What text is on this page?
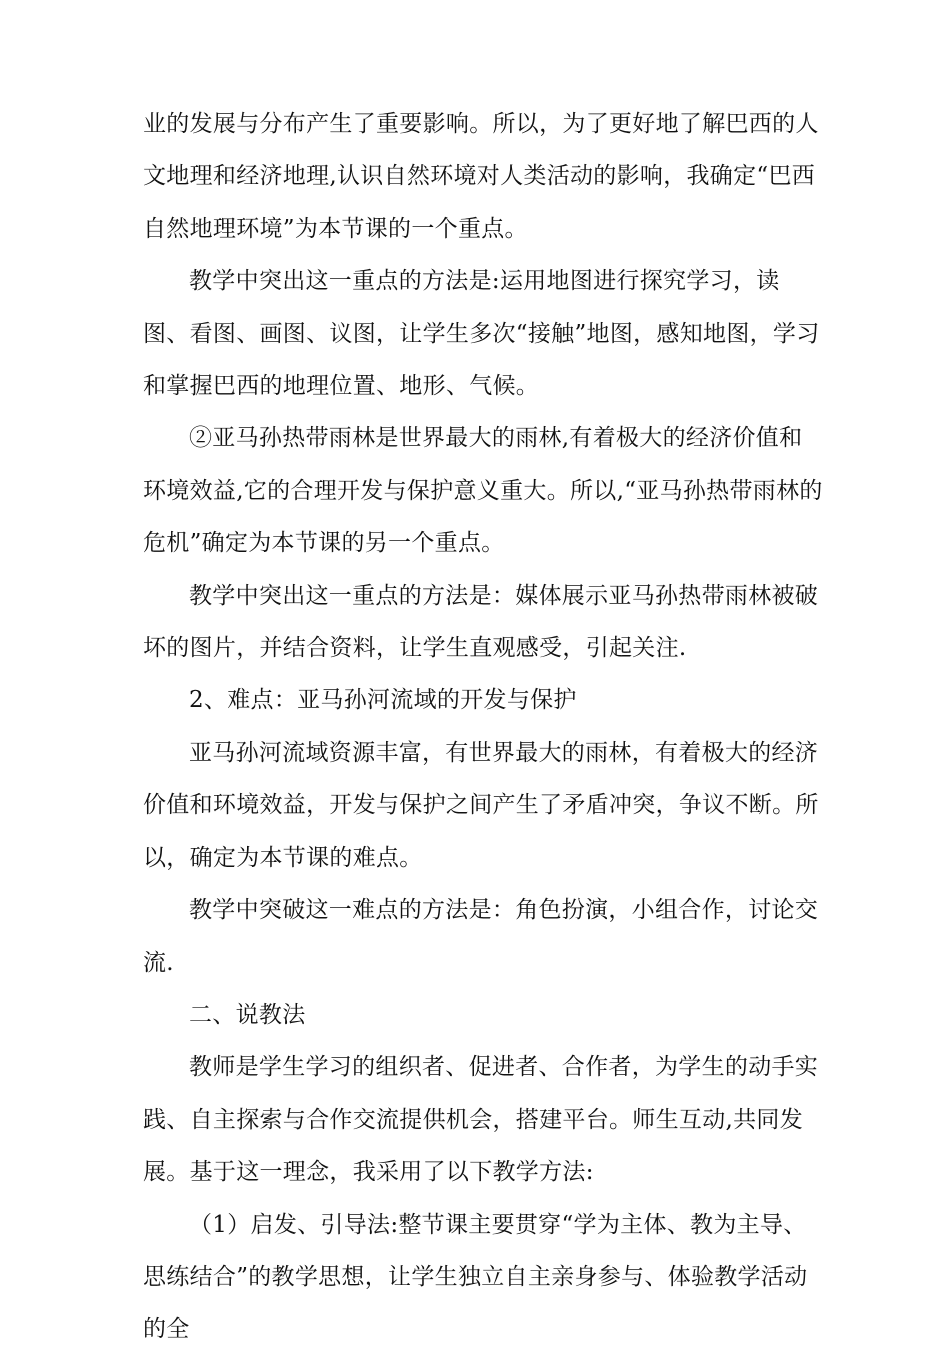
业的发展与分布产生了重要影响。所以，为了更好地了解巴西的人文地理和经济地理,认识自然环境对人类活动的影响，我确定“巴西自然地理环境”为本节课的一个重点。

教学中突出这一重点的方法是:运用地图进行探究学习，读图、看图、画图、议图，让学生多次“接触”地图，感知地图，学习和掌握巴西的地理位置、地形、气候。

②亚马孙热带雨林是世界最大的雨林,有着极大的经济价值和环境效益,它的合理开发与保护意义重大。所以,“亚马孙热带雨林的危机”确定为本节课的另一个重点。

教学中突出这一重点的方法是：媒体展示亚马孙热带雨林被破坏的图片，并结合资料，让学生直观感受，引起关注.

2、难点：亚马孙河流域的开发与保护

亚马孙河流域资源丰富，有世界最大的雨林，有着极大的经济价值和环境效益，开发与保护之间产生了矛盾冲突，争议不断。所以，确定为本节课的难点。

教学中突破这一难点的方法是：角色扮演，小组合作，讨论交流.

二、说教法

教师是学生学习的组织者、促进者、合作者，为学生的动手实践、自主探索与合作交流提供机会，搭建平台。师生互动,共同发展。基于这一理念，我采用了以下教学方法:

（1）启发、引导法:整节课主要贯穿“学为主体、教为主导、思练结合”的教学思想，让学生独立自主亲身参与、体验教学活动的全
